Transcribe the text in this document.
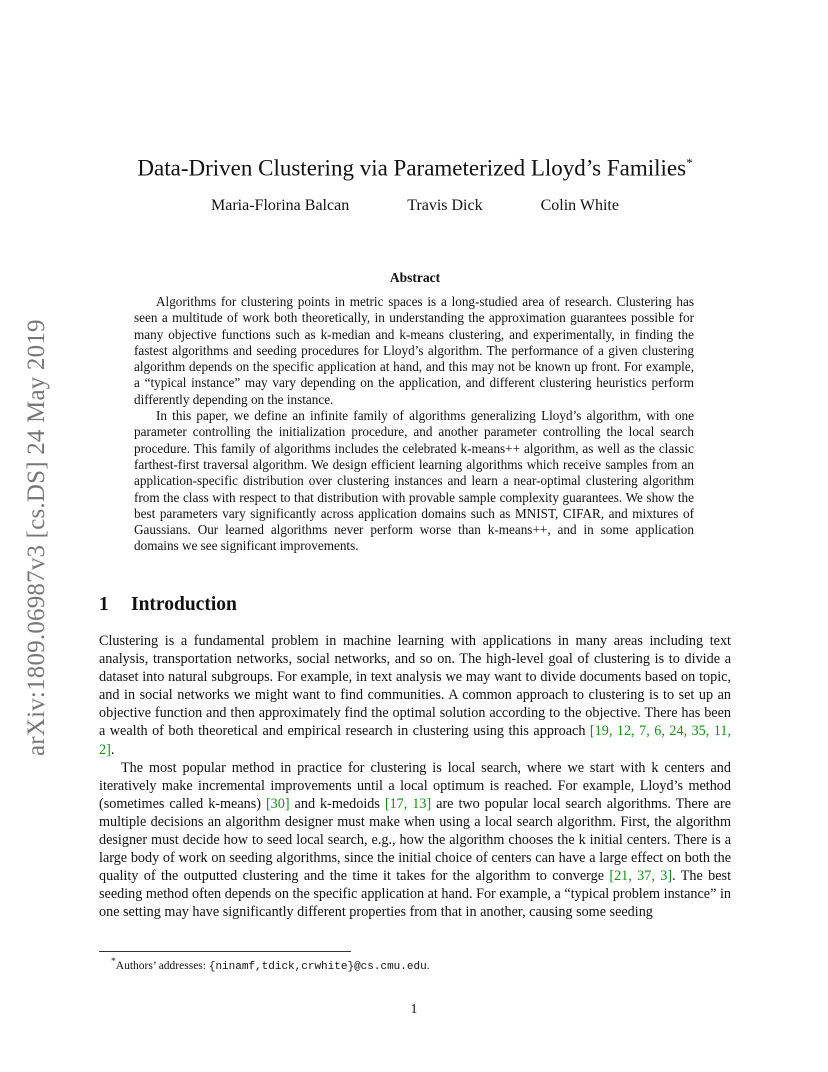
arXiv:1809.06987v3 [cs.DS] 24 May 2019
Data-Driven Clustering via Parameterized Lloyd’s Families*
Maria-Florina Balcan	Travis Dick	Colin White
Abstract

Algorithms for clustering points in metric spaces is a long-studied area of research. Clustering has seen a multitude of work both theoretically, in understanding the approximation guarantees possible for many objective functions such as k-median and k-means clustering, and experimentally, in finding the fastest algorithms and seeding procedures for Lloyd’s algorithm. The performance of a given clustering algorithm depends on the specific application at hand, and this may not be known up front. For example, a “typical instance” may vary depending on the application, and different clustering heuristics perform differently depending on the instance.

In this paper, we define an infinite family of algorithms generalizing Lloyd’s algorithm, with one parameter controlling the initialization procedure, and another parameter controlling the local search procedure. This family of algorithms includes the celebrated k-means++ algorithm, as well as the classic farthest-first traversal algorithm. We design efficient learning algorithms which receive samples from an application-specific distribution over clustering instances and learn a near-optimal clustering algorithm from the class with respect to that distribution with provable sample complexity guarantees. We show the best parameters vary significantly across application domains such as MNIST, CIFAR, and mixtures of Gaussians. Our learned algorithms never perform worse than k-means++, and in some application domains we see significant improvements.

1 Introduction

Clustering is a fundamental problem in machine learning with applications in many areas including text analysis, transportation networks, social networks, and so on. The high-level goal of clustering is to divide a dataset into natural subgroups. For example, in text analysis we may want to divide documents based on topic, and in social networks we might want to find communities. A common approach to clustering is to set up an objective function and then approximately find the optimal solution according to the objective. There has been a wealth of both theoretical and empirical research in clustering using this approach [19, 12, 7, 6, 24, 35, 11, 2].

The most popular method in practice for clustering is local search, where we start with k centers and iteratively make incremental improvements until a local optimum is reached. For example, Lloyd’s method (sometimes called k-means) [30] and k-medoids [17, 13] are two popular local search algorithms. There are multiple decisions an algorithm designer must make when using a local search algorithm. First, the algorithm designer must decide how to seed local search, e.g., how the algorithm chooses the k initial centers. There is a large body of work on seeding algorithms, since the initial choice of centers can have a large effect on both the quality of the outputted clustering and the time it takes for the algorithm to converge [21, 37, 3]. The best seeding method often depends on the specific application at hand. For example, a “typical problem instance” in one setting may have significantly different properties from that in another, causing some seeding

*Authors’ addresses: {ninamf,tdick,crwhite}@cs.cmu.edu.
1
